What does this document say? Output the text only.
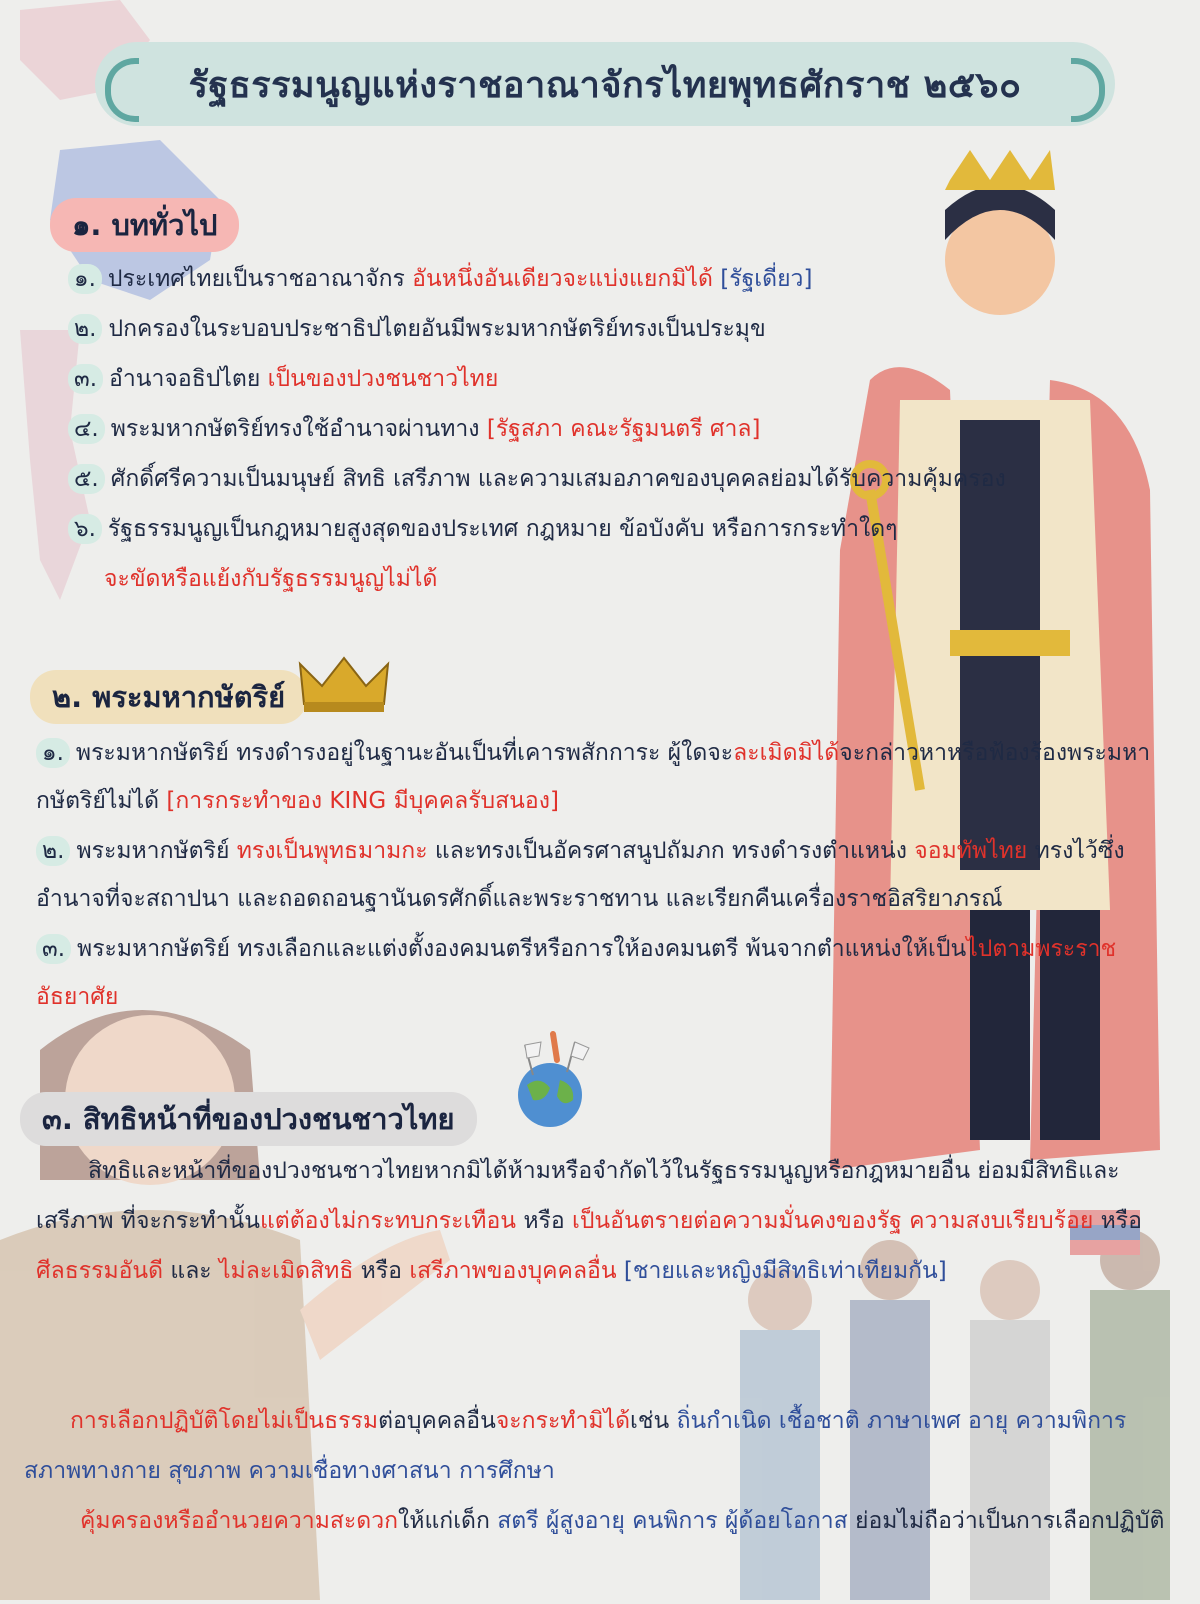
รัฐธรรมนูญแห่งราชอาณาจักรไทยพุทธศักราช ๒๕๖๐
๑. บททั่วไป
๑. ประเทศไทยเป็นราชอาณาจักร อันหนึ่งอันเดียวจะแบ่งแยกมิได้ [รัฐเดี่ยว]
๒. ปกครองในระบอบประชาธิปไตยอันมีพระมหากษัตริย์ทรงเป็นประมุข
๓. อำนาจอธิปไตย เป็นของปวงชนชาวไทย
๔. พระมหากษัตริย์ทรงใช้อำนาจผ่านทาง [รัฐสภา คณะรัฐมนตรี ศาล]
๕. ศักดิ์ศรีความเป็นมนุษย์ สิทธิ เสรีภาพ และความเสมอภาคของบุคคลย่อมได้รับความคุ้มครอง
๖. รัฐธรรมนูญเป็นกฎหมายสูงสุดของประเทศ กฎหมาย ข้อบังคับ หรือการกระทำใดๆ
จะขัดหรือแย้งกับรัฐธรรมนูญไม่ได้
๒. พระมหากษัตริย์
๑. พระมหากษัตริย์ ทรงดำรงอยู่ในฐานะอันเป็นที่เคารพสักการะ ผู้ใดจะละเมิดมิได้จะกล่าวหาหรือฟ้องร้องพระมหา
กษัตริย์ไม่ได้ [การกระทำของ KING มีบุคคลรับสนอง]
๒. พระมหากษัตริย์ ทรงเป็นพุทธมามกะ และทรงเป็นอัครศาสนูปถัมภก ทรงดำรงตำแหน่ง จอมทัพไทย ทรงไว้ซึ่ง
อำนาจที่จะสถาปนา และถอดถอนฐานันดรศักดิ์และพระราชทาน และเรียกคืนเครื่องราชอิสริยาภรณ์
๓. พระมหากษัตริย์ ทรงเลือกและแต่งตั้งองคมนตรีหรือการให้องคมนตรี พ้นจากตำแหน่งให้เป็นไปตามพระราช
อัธยาศัย
๓. สิทธิหน้าที่ของปวงชนชาวไทย
สิทธิและหน้าที่ของปวงชนชาวไทยหากมิได้ห้ามหรือจำกัดไว้ในรัฐธรรมนูญหรือกฎหมายอื่น ย่อมมีสิทธิและ
เสรีภาพ ที่จะกระทำนั้นแต่ต้องไม่กระทบกระเทือน หรือ เป็นอันตรายต่อความมั่นคงของรัฐ ความสงบเรียบร้อย หรือ
ศีลธรรมอันดี และ ไม่ละเมิดสิทธิ หรือ เสรีภาพของบุคคลอื่น [ชายและหญิงมีสิทธิเท่าเทียมกัน]
การเลือกปฏิบัติโดยไม่เป็นธรรมต่อบุคคลอื่นจะกระทำมิได้เช่น ถิ่นกำเนิด เชื้อชาติ ภาษาเพศ อายุ ความพิการ
สภาพทางกาย สุขภาพ ความเชื่อทางศาสนา การศึกษา
คุ้มครองหรืออำนวยความสะดวกให้แก่เด็ก สตรี ผู้สูงอายุ คนพิการ ผู้ด้อยโอกาส ย่อมไม่ถือว่าเป็นการเลือกปฏิบัติ
